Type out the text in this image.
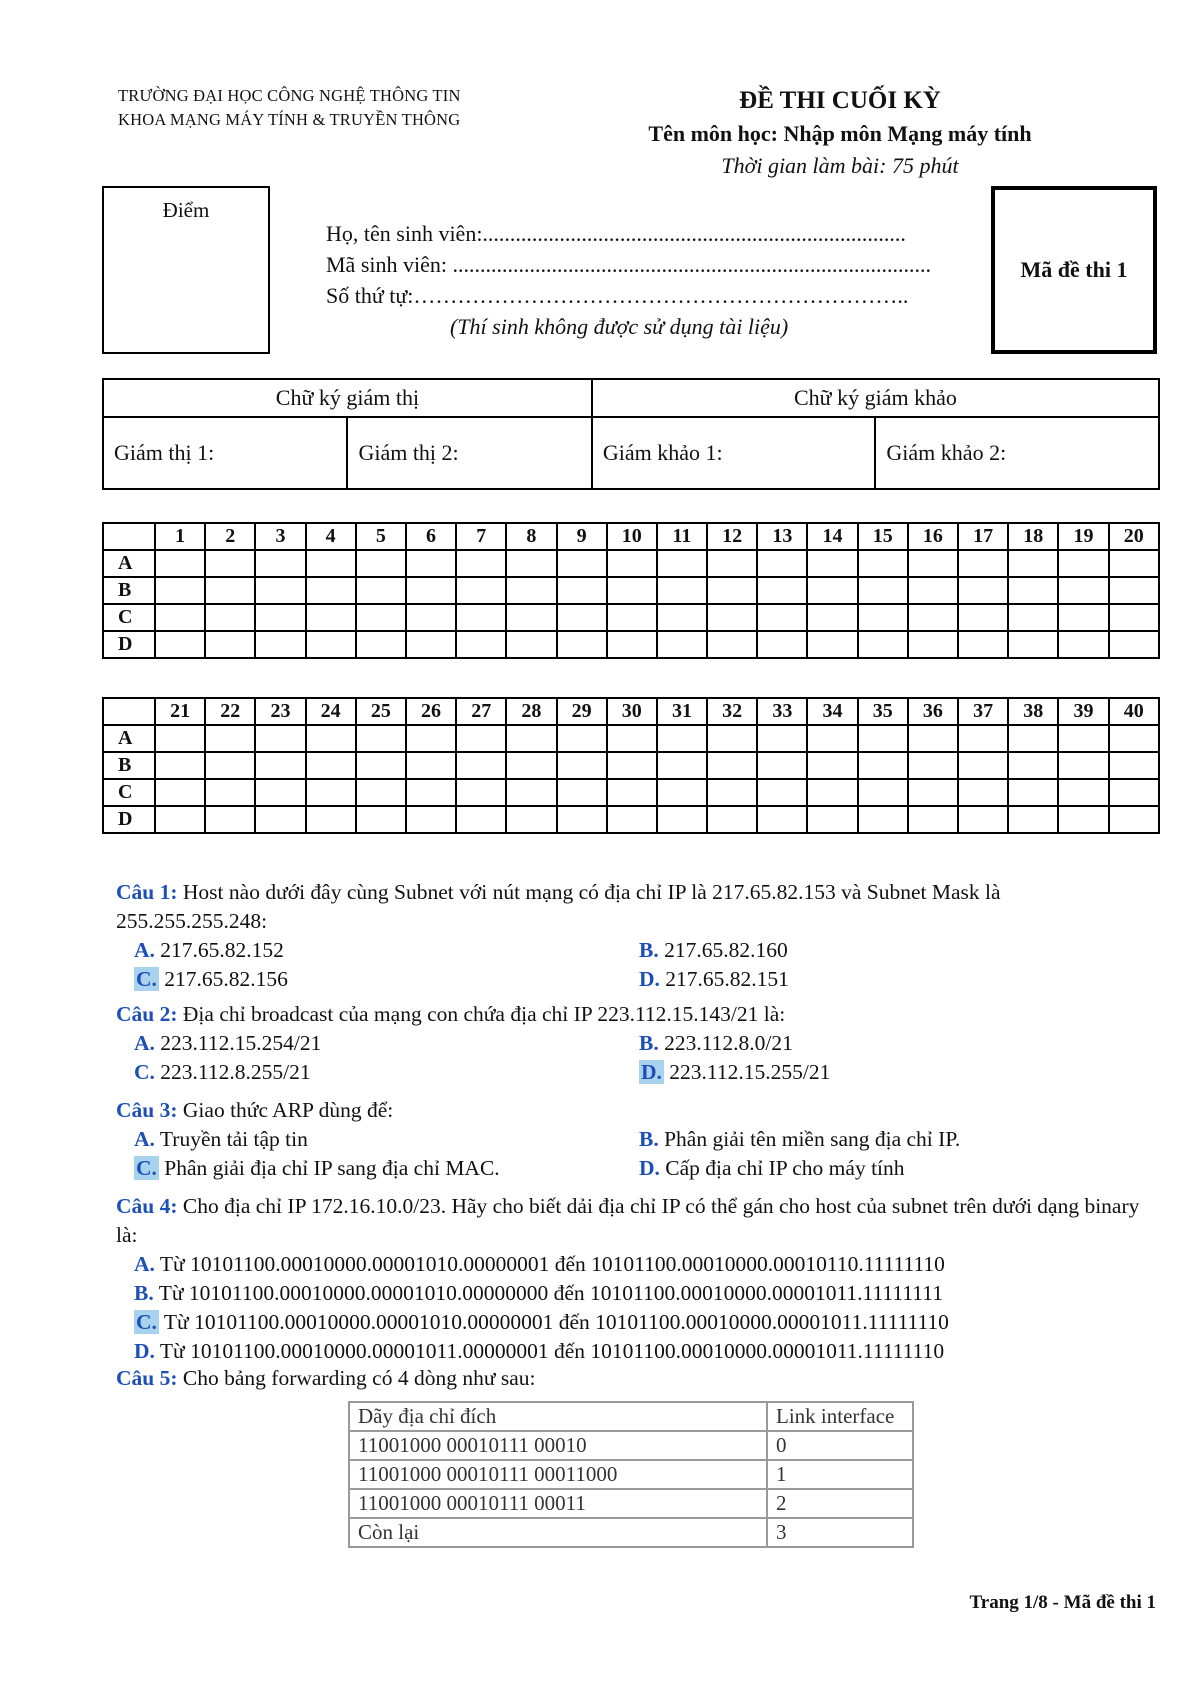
TRƯỜNG ĐẠI HỌC CÔNG NGHỆ THÔNG TIN
KHOA MẠNG MÁY TÍNH & TRUYỀN THÔNG
ĐỀ THI CUỐI KỲ
Tên môn học: Nhập môn Mạng máy tính
Thời gian làm bài: 75 phút
Điểm
Họ, tên sinh viên:.............................................................................
Mã sinh viên: .......................................................................................
Số thứ tự:…………………………………………………………..
(Thí sinh không được sử dụng tài liệu)
Mã đề thi 1
Chữ ký giám thị		Chữ ký giám khảo	
Giám thị 1:	Giám thị 2:	Giám khảo 1:	Giám khảo 2:
	1	2	3	4	5	6	7	8	9	10	11	12	13	14	15	16	17	18	19	20
A																				
B																				
C																				
D																				
	21	22	23	24	25	26	27	28	29	30	31	32	33	34	35	36	37	38	39	40
A																				
B																				
C																				
D																				
Câu 1: Host nào dưới đây cùng Subnet với nút mạng có địa chỉ IP là 217.65.82.153 và Subnet Mask là 255.255.255.248:
A. 217.65.82.152	B. 217.65.82.160
C. 217.65.82.156	D. 217.65.82.151
Câu 2: Địa chỉ broadcast của mạng con chứa địa chỉ IP 223.112.15.143/21 là:
A. 223.112.15.254/21	B. 223.112.8.0/21
C. 223.112.8.255/21	D. 223.112.15.255/21
Câu 3: Giao thức ARP dùng để:
A. Truyền tải tập tin	B. Phân giải tên miền sang địa chỉ IP.
C. Phân giải địa chỉ IP sang địa chỉ MAC.	D. Cấp địa chỉ IP cho máy tính
Câu 4: Cho địa chỉ IP 172.16.10.0/23. Hãy cho biết dải địa chỉ IP có thể gán cho host của subnet trên dưới dạng binary là:
A. Từ 10101100.00010000.00001010.00000001 đến 10101100.00010000.00010110.11111110
B. Từ 10101100.00010000.00001010.00000000 đến 10101100.00010000.00001011.11111111
C. Từ 10101100.00010000.00001010.00000001 đến 10101100.00010000.00001011.11111110
D. Từ 10101100.00010000.00001011.00000001 đến 10101100.00010000.00001011.11111110
Câu 5: Cho bảng forwarding có 4 dòng như sau:
Dãy địa chỉ đích	Link interface
11001000 00010111 00010	0
11001000 00010111 00011000	1
11001000 00010111 00011	2
Còn lại	3
Trang 1/8 - Mã đề thi 1
